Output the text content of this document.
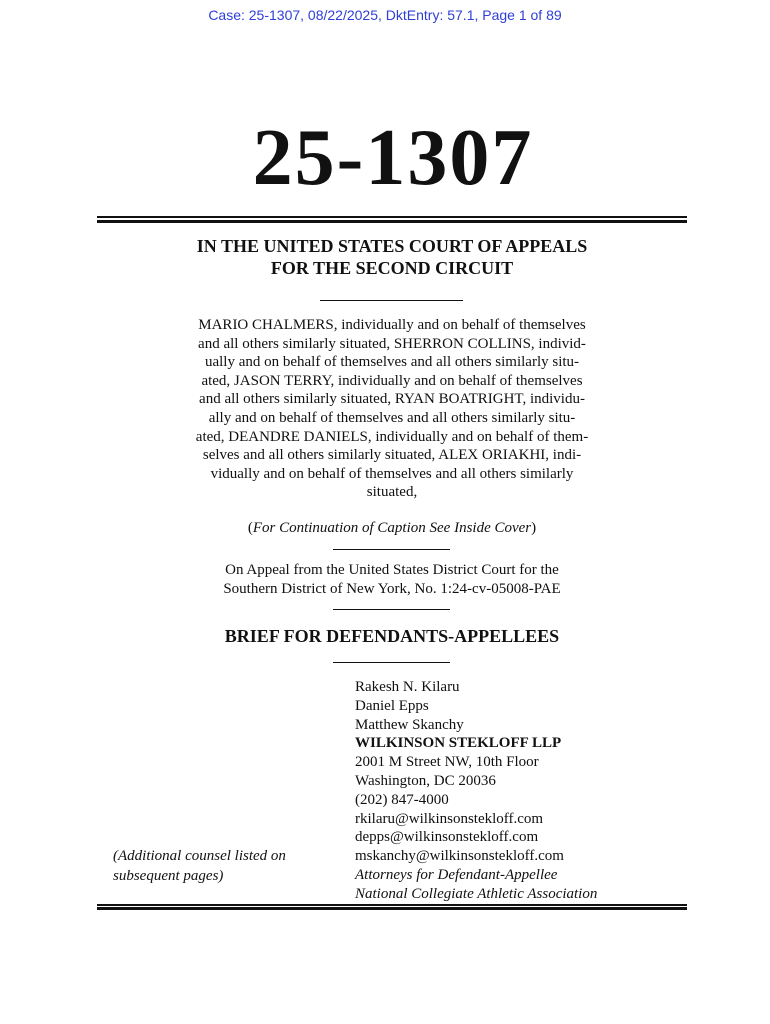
Case: 25-1307, 08/22/2025, DktEntry: 57.1, Page 1 of 89
25-1307
IN THE UNITED STATES COURT OF APPEALS
FOR THE SECOND CIRCUIT
MARIO CHALMERS, individually and on behalf of themselves
and all others similarly situated, SHERRON COLLINS, individ-
ually and on behalf of themselves and all others similarly situ-
ated, JASON TERRY, individually and on behalf of themselves
and all others similarly situated, RYAN BOATRIGHT, individu-
ally and on behalf of themselves and all others similarly situ-
ated, DEANDRE DANIELS, individually and on behalf of them-
selves and all others similarly situated, ALEX ORIAKHI, indi-
vidually and on behalf of themselves and all others similarly
situated,
(For Continuation of Caption See Inside Cover)
On Appeal from the United States District Court for the
Southern District of New York, No. 1:24-cv-05008-PAE
BRIEF FOR DEFENDANTS-APPELLEES
Rakesh N. Kilaru
Daniel Epps
Matthew Skanchy
WILKINSON STEKLOFF LLP
2001 M Street NW, 10th Floor
Washington, DC 20036
(202) 847-4000
rkilaru@wilkinsonstekloff.com
depps@wilkinsonstekloff.com
mskanchy@wilkinsonstekloff.com
Attorneys for Defendant-Appellee
National Collegiate Athletic Association
(Additional counsel listed on
subsequent pages)
